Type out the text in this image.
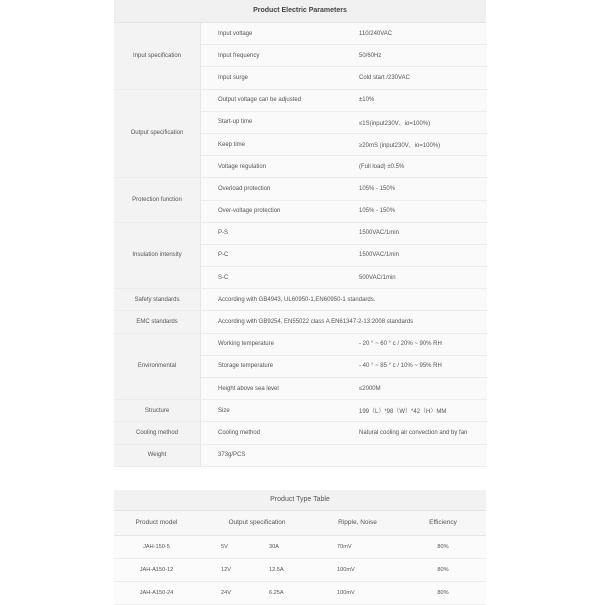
Product Electric Parameters
Input specification	Input voltage	110/240VAC
	Input frequency	50/60Hz
	Input surge	Cold start /230VAC
Output specification	Output voltage can be adjusted	±10%
	Start-up time	≤1S(input230V、io=100%)
	Keep time	≥20mS (input230V、io=100%)
	Voltage regulation	(Full load) ±0.5%
Protection function	Overload protection	105% - 150%
	Over-voltage protection	105% - 150%
Insulation intensity	P-S	1500VAC/1min
	P-C	1500VAC/1min
	S-C	500VAC/1min
Safety standards	According with GB4943, UL60950-1,EN60950-1 standards.	
EMC standards	According with GB9254, EN55022 class A EN61347-2-13:2008 standards	
Environmental	Working temperature	- 20 ° ~ 60 ° c / 20% ~ 90% RH
	Storage temperature	- 40 ° ~ 85 ° c / 10% ~ 95% RH
	Height above sea level	≤2000M
Structure	Size	199（L）*98（W）*42（H）MM
Cooling method	Cooling method	Natural cooling air convection and by fan
Weight	373g/PCS	
Product Type Table
Product model	Output specification	Ripple, Noise	Efficiency
JAH-150-5	5V	30A	70mV	80%
JAH-A150-12	12V	12.5A	100mV	80%
JAH-A150-24	24V	6.25A	100mV	80%
